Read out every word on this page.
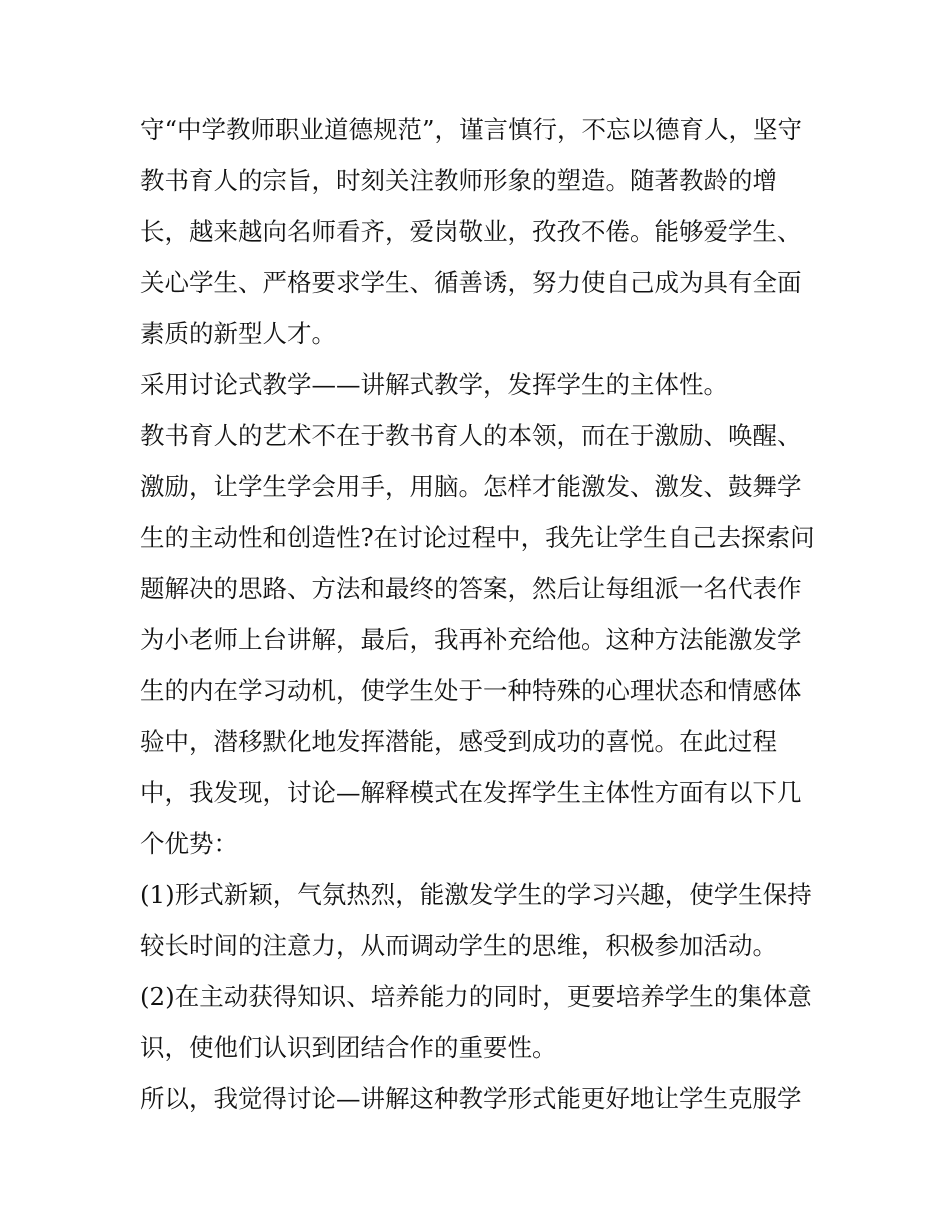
守“中学教师职业道德规范”，谨言慎行，不忘以德育人，坚守教书育人的宗旨，时刻关注教师形象的塑造。随著教龄的增长，越来越向名师看齐，爱岗敬业，孜孜不倦。能够爱学生、关心学生、严格要求学生、循善诱，努力使自己成为具有全面素质的新型人才。

采用讨论式教学——讲解式教学，发挥学生的主体性。

教书育人的艺术不在于教书育人的本领，而在于激励、唤醒、激励，让学生学会用手，用脑。怎样才能激发、激发、鼓舞学生的主动性和创造性?在讨论过程中，我先让学生自己去探索问题解决的思路、方法和最终的答案，然后让每组派一名代表作为小老师上台讲解，最后，我再补充给他。这种方法能激发学生的内在学习动机，使学生处于一种特殊的心理状态和情感体验中，潜移默化地发挥潜能，感受到成功的喜悦。在此过程中，我发现，讨论—解释模式在发挥学生主体性方面有以下几个优势：

(1)形式新颖，气氛热烈，能激发学生的学习兴趣，使学生保持较长时间的注意力，从而调动学生的思维，积极参加活动。

(2)在主动获得知识、培养能力的同时，更要培养学生的集体意识，使他们认识到团结合作的重要性。

所以，我觉得讨论—讲解这种教学形式能更好地让学生克服学
